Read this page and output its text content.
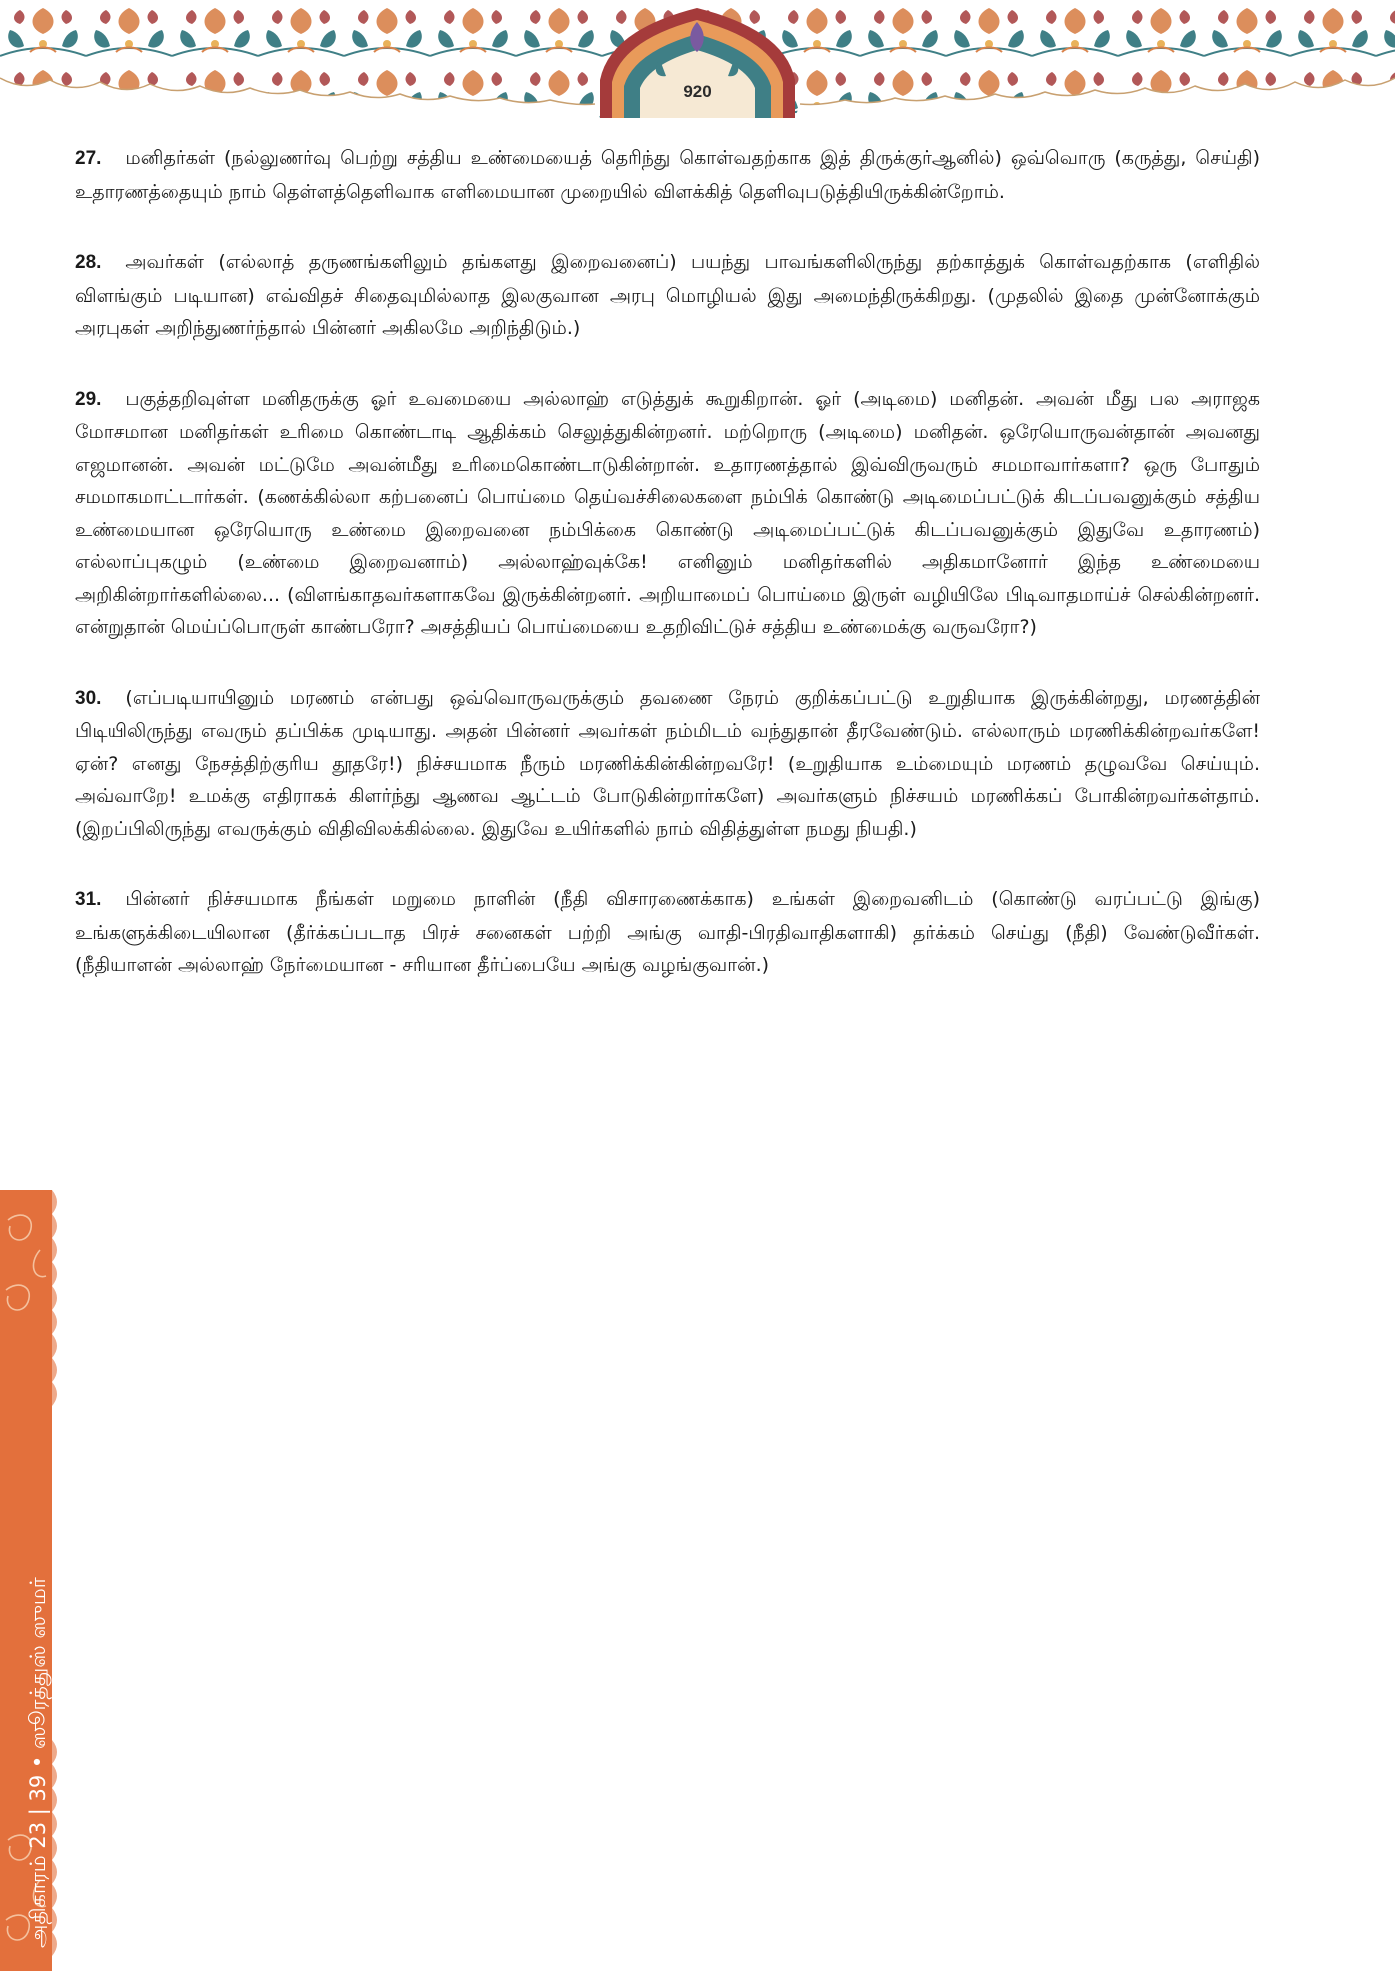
920
அதிகாரம் 23 | 39 • ஸூரத்துஸ் ஸுமர்

27. மனிதர்கள் (நல்லுணர்வு பெற்று சத்திய உண்மையைத் தெரிந்து கொள்வதற்காக இத் திருக்குர்ஆனில்) ஒவ்வொரு (கருத்து, செய்தி) உதாரணத்தையும் நாம் தெள்ளத்தெளிவாக எளிமையான முறையில் விளக்கித் தெளிவுபடுத்தியிருக்கின்றோம்.

28. அவர்கள் (எல்லாத் தருணங்களிலும் தங்களது இறைவனைப்) பயந்து பாவங்களிலிருந்து தற்காத்துக் கொள்வதற்காக (எளிதில் விளங்கும் படியான) எவ்விதச் சிதைவுமில்லாத இலகுவான அரபு மொழியல் இது அமைந்திருக்கிறது. (முதலில் இதை முன்னோக்கும் அரபுகள் அறிந்துணர்ந்தால் பின்னர் அகிலமே அறிந்திடும்.)

29. பகுத்தறிவுள்ள மனிதருக்கு ஓர் உவமையை அல்லாஹ் எடுத்துக் கூறுகிறான். ஓர் (அடிமை) மனிதன். அவன் மீது பல அராஜக மோசமான மனிதர்கள் உரிமை கொண்டாடி ஆதிக்கம் செலுத்துகின்றனர். மற்றொரு (அடிமை) மனிதன். ஒரேயொருவன்தான் அவனது எஜமானன். அவன் மட்டுமே அவன்மீது உரிமைகொண்டாடுகின்றான். உதாரணத்தால் இவ்விருவரும் சமமாவார்களா? ஒரு போதும் சமமாகமாட்டார்கள். (கணக்கில்லா கற்பனைப் பொய்மை தெய்வச்சிலைகளை நம்பிக் கொண்டு அடிமைப்பட்டுக் கிடப்பவனுக்கும் சத்திய உண்மையான ஒரேயொரு உண்மை இறைவனை நம்பிக்கை கொண்டு அடிமைப்பட்டுக் கிடப்பவனுக்கும் இதுவே உதாரணம்) எல்லாப்புகழும் (உண்மை இறைவனாம்) அல்லாஹ்வுக்கே! எனினும் மனிதர்களில் அதிகமானோர் இந்த உண்மையை அறிகின்றார்களில்லை... (விளங்காதவர்களாகவே இருக்கின்றனர். அறியாமைப் பொய்மை இருள் வழியிலே பிடிவாதமாய்ச் செல்கின்றனர். என்றுதான் மெய்ப்பொருள் காண்பரோ? அசத்தியப் பொய்மையை உதறிவிட்டுச் சத்திய உண்மைக்கு வருவரோ?)

30. (எப்படியாயினும் மரணம் என்பது ஒவ்வொருவருக்கும் தவணை நேரம் குறிக்கப்பட்டு உறுதியாக இருக்கின்றது, மரணத்தின் பிடியிலிருந்து எவரும் தப்பிக்க முடியாது. அதன் பின்னர் அவர்கள் நம்மிடம் வந்துதான் தீரவேண்டும். எல்லாரும் மரணிக்கின்றவர்களே! ஏன்? எனது நேசத்திற்குரிய தூதரே!) நிச்சயமாக நீரும் மரணிக்கின்கின்றவரே! (உறுதியாக உம்மையும் மரணம் தழுவவே செய்யும். அவ்வாறே! உமக்கு எதிராகக் கிளர்ந்து ஆணவ ஆட்டம் போடுகின்றார்களே) அவர்களும் நிச்சயம் மரணிக்கப் போகின்றவர்கள்தாம். (இறப்பிலிருந்து எவருக்கும் விதிவிலக்கில்லை. இதுவே உயிர்களில் நாம் விதித்துள்ள நமது நியதி.)

31. பின்னர் நிச்சயமாக நீங்கள் மறுமை நாளின் (நீதி விசாரணைக்காக) உங்கள் இறைவனிடம் (கொண்டு வரப்பட்டு இங்கு) உங்களுக்கிடையிலான (தீர்க்கப்படாத பிரச் சனைகள் பற்றி அங்கு வாதி-பிரதிவாதிகளாகி) தர்க்கம் செய்து (நீதி) வேண்டுவீர்கள். (நீதியாளன் அல்லாஹ் நேர்மையான - சரியான தீர்ப்பையே அங்கு வழங்குவான்.)
